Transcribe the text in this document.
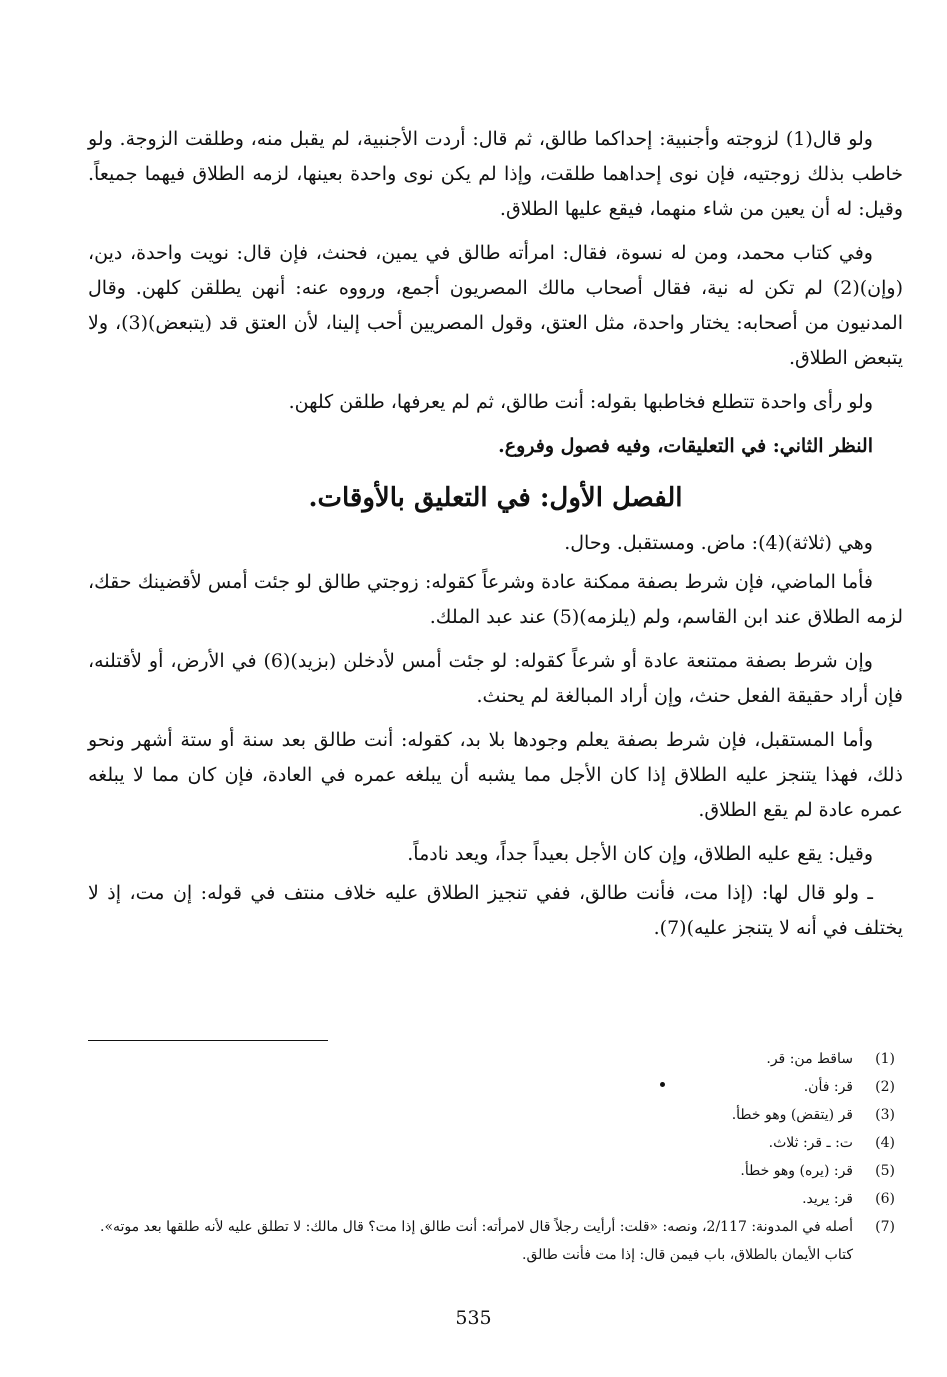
ولو قال(1) لزوجته وأجنبية: إحداكما طالق، ثم قال: أردت الأجنبية، لم يقبل منه، وطلقت الزوجة. ولو خاطب بذلك زوجتيه، فإن نوى إحداهما طلقت، وإذا لم يكن نوى واحدة بعينها، لزمه الطلاق فيهما جميعاً. وقيل: له أن يعين من شاء منهما، فيقع عليها الطلاق.

وفي كتاب محمد، ومن له نسوة، فقال: امرأته طالق في يمين، فحنث، فإن قال: نويت واحدة، دين، (وإن)(2) لم تكن له نية، فقال أصحاب مالك المصريون أجمع، ورووه عنه: أنهن يطلقن كلهن. وقال المدنيون من أصحابه: يختار واحدة، مثل العتق، وقول المصريين أحب إلينا، لأن العتق قد (يتبعض)(3)، ولا يتبعض الطلاق.

ولو رأى واحدة تتطلع فخاطبها بقوله: أنت طالق، ثم لم يعرفها، طلقن كلهن.

النظر الثاني: في التعليقات، وفيه فصول وفروع.
الفصل الأول: في التعليق بالأوقات.

وهي (ثلاثة)(4): ماض. ومستقبل. وحال.

فأما الماضي، فإن شرط بصفة ممكنة عادة وشرعاً كقوله: زوجتي طالق لو جئت أمس لأقضينك حقك، لزمه الطلاق عند ابن القاسم، ولم (يلزمه)(5) عند عبد الملك.

وإن شرط بصفة ممتنعة عادة أو شرعاً كقوله: لو جئت أمس لأدخلن (بزيد)(6) في الأرض، أو لأقتلنه، فإن أراد حقيقة الفعل حنث، وإن أراد المبالغة لم يحنث.

وأما المستقبل، فإن شرط بصفة يعلم وجودها بلا بد، كقوله: أنت طالق بعد سنة أو ستة أشهر ونحو ذلك، فهذا يتنجز عليه الطلاق إذا كان الأجل مما يشبه أن يبلغه عمره في العادة، فإن كان مما لا يبلغه عمره عادة لم يقع الطلاق.

وقيل: يقع عليه الطلاق، وإن كان الأجل بعيداً جداً، ويعد نادماً.

ـ ولو قال لها: (إذا مت، فأنت طالق، ففي تنجيز الطلاق عليه خلاف منتف في قوله: إن مت، إذ لا يختلف في أنه لا يتنجز عليه)(7).

(1)
ساقط من: قر.
(2)
قر: فأن.
(3)
قر (يتقض) وهو خطأ.
(4)
ت: ـ قر: ثلاث.
(5)
قر: (يره) وهو خطأ.
(6)
قر: يريد.
(7)
أصله في المدونة: 2/117، ونصه: «قلت: أرأيت رجلاً قال لامرأته: أنت طالق إذا مت؟ قال مالك: لا تطلق عليه لأنه طلقها بعد موته». كتاب الأيمان بالطلاق، باب فيمن قال: إذا مت فأنت طالق.
535
